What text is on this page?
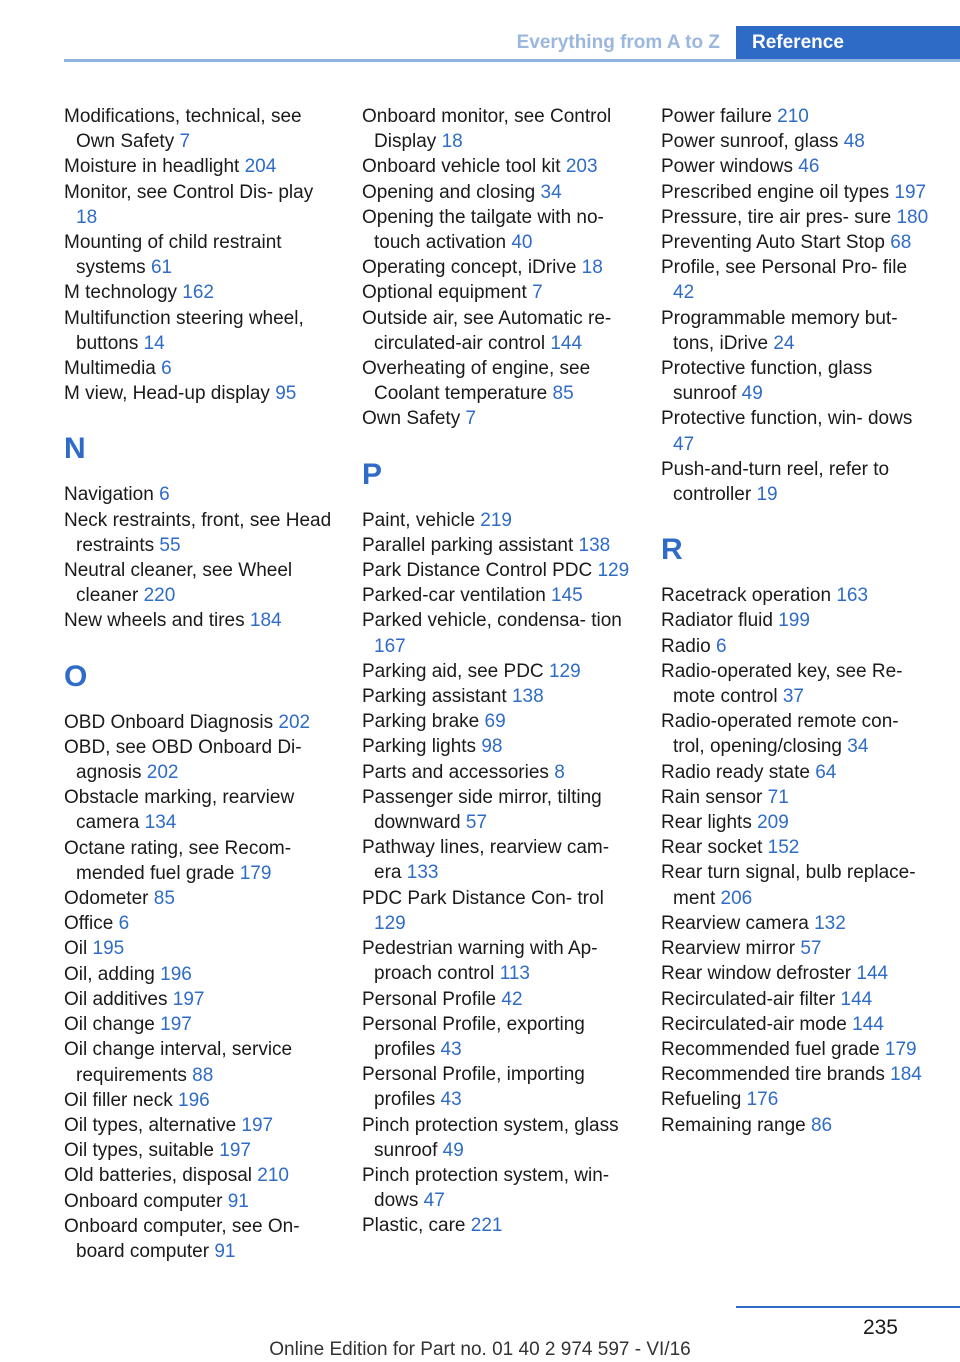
Everything from A to Z	Reference

Modifications, technical, see Own Safety 7

Moisture in headlight 204

Monitor, see Control Dis‐ play 18

Mounting of child restraint systems 61

M technology 162

Multifunction steering wheel, buttons 14

Multimedia 6

M view, Head-up display 95

N

Navigation 6

Neck restraints, front, see Head restraints 55

Neutral cleaner, see Wheel cleaner 220

New wheels and tires 184

O

OBD Onboard Diagnosis 202

OBD, see OBD Onboard Di‐ agnosis 202

Obstacle marking, rearview camera 134

Octane rating, see Recom‐ mended fuel grade 179

Odometer 85

Office 6

Oil 195

Oil, adding 196

Oil additives 197

Oil change 197

Oil change interval, service requirements 88

Oil filler neck 196

Oil types, alternative 197

Oil types, suitable 197

Old batteries, disposal 210

Onboard computer 91

Onboard computer, see On‐ board computer 91

Onboard monitor, see Control Display 18

Onboard vehicle tool kit 203

Opening and closing 34

Opening the tailgate with no- touch activation 40

Operating concept, iDrive 18

Optional equipment 7

Outside air, see Automatic re‐ circulated-air control 144

Overheating of engine, see Coolant temperature 85

Own Safety 7

P

Paint, vehicle 219

Parallel parking assistant 138

Park Distance Control PDC 129

Parked-car ventilation 145

Parked vehicle, condensa‐ tion 167

Parking aid, see PDC 129

Parking assistant 138

Parking brake 69

Parking lights 98

Parts and accessories 8

Passenger side mirror, tilting downward 57

Pathway lines, rearview cam‐ era 133

PDC Park Distance Con‐ trol 129

Pedestrian warning with Ap‐ proach control 113

Personal Profile 42

Personal Profile, exporting profiles 43

Personal Profile, importing profiles 43

Pinch protection system, glass sunroof 49

Pinch protection system, win‐ dows 47

Plastic, care 221

Power failure 210

Power sunroof, glass 48

Power windows 46

Prescribed engine oil types 197

Pressure, tire air pres‐ sure 180

Preventing Auto Start Stop 68

Profile, see Personal Pro‐ file 42

Programmable memory but‐ tons, iDrive 24

Protective function, glass sunroof 49

Protective function, win‐ dows 47

Push-and-turn reel, refer to controller 19

R

Racetrack operation 163

Radiator fluid 199

Radio 6

Radio-operated key, see Re‐ mote control 37

Radio-operated remote con‐ trol, opening/closing 34

Radio ready state 64

Rain sensor 71

Rear lights 209

Rear socket 152

Rear turn signal, bulb replace‐ ment 206

Rearview camera 132

Rearview mirror 57

Rear window defroster 144

Recirculated-air filter 144

Recirculated-air mode 144

Recommended fuel grade 179

Recommended tire brands 184

Refueling 176

Remaining range 86

235
Online Edition for Part no. 01 40 2 974 597 - VI/16
